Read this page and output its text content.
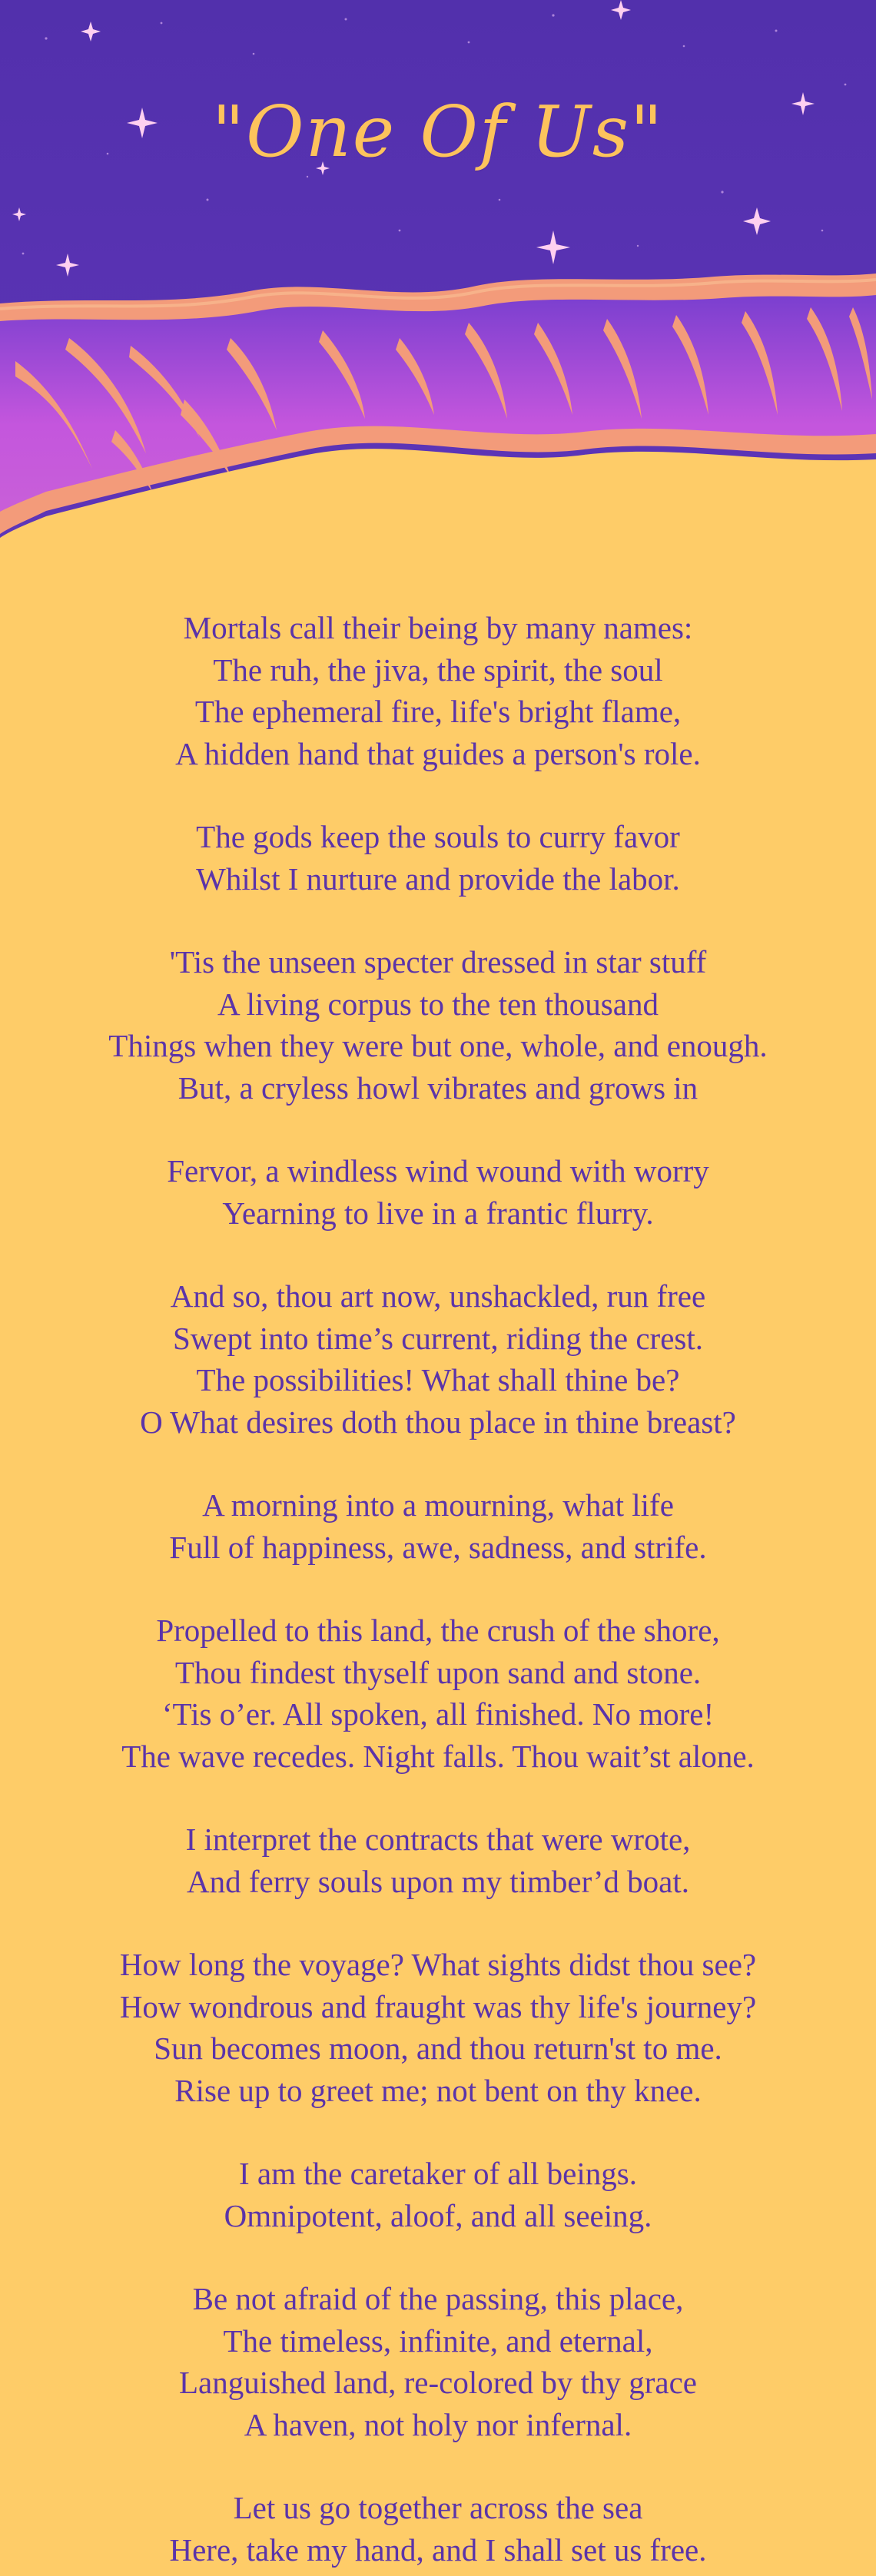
"One Of Us"

Mortals call their being by many names:
The ruh, the jiva, the spirit, the soul
The ephemeral fire, life's bright flame,
A hidden hand that guides a person's role.

The gods keep the souls to curry favor
Whilst I nurture and provide the labor.

'Tis the unseen specter dressed in star stuff
A living corpus to the ten thousand
Things when they were but one, whole, and enough.
But, a cryless howl vibrates and grows in

Fervor, a windless wind wound with worry
Yearning to live in a frantic flurry.

And so, thou art now, unshackled, run free
Swept into time’s current, riding the crest.
The possibilities! What shall thine be?
O What desires doth thou place in thine breast?

A morning into a mourning, what life
Full of happiness, awe, sadness, and strife.

Propelled to this land, the crush of the shore,
Thou findest thyself upon sand and stone.
‘Tis o’er. All spoken, all finished. No more!
The wave recedes. Night falls. Thou wait’st alone.

I interpret the contracts that were wrote,
And ferry souls upon my timber’d boat.

How long the voyage? What sights didst thou see?
How wondrous and fraught was thy life's journey?
Sun becomes moon, and thou return'st to me.
Rise up to greet me; not bent on thy knee.

I am the caretaker of all beings.
Omnipotent, aloof, and all seeing.

Be not afraid of the passing, this place,
The timeless, infinite, and eternal,
Languished land, re-colored by thy grace
A haven, not holy nor infernal.

Let us go together across the sea
Here, take my hand, and I shall set us free.
